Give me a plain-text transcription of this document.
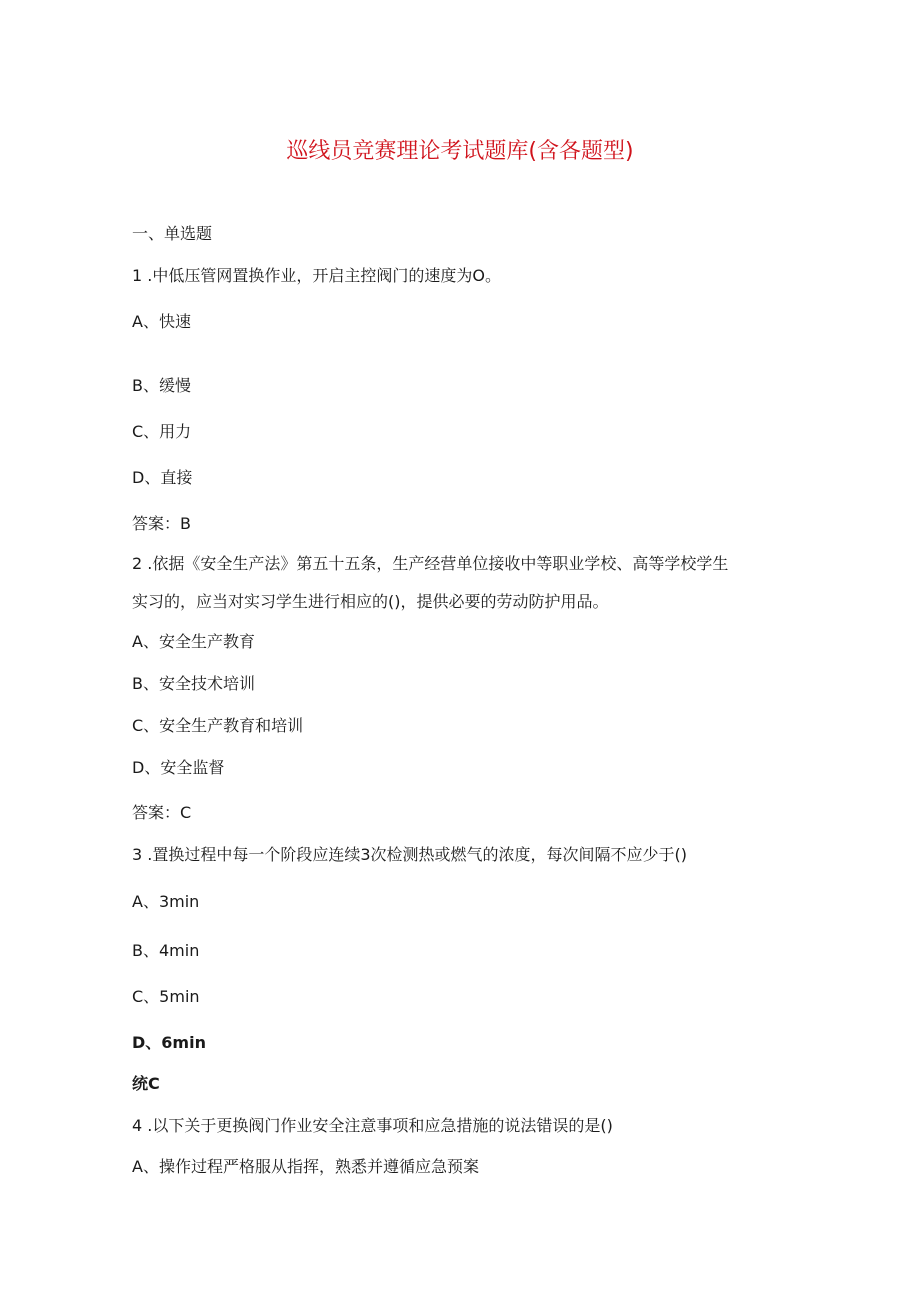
巡线员竞赛理论考试题库(含各题型)
一、单选题
1 .中低压管网置换作业，开启主控阀门的速度为O。
A、快速
B、缓慢
C、用力
D、直接
答案：B
2 .依据《安全生产法》第五十五条，生产经营单位接收中等职业学校、高等学校学生
实习的，应当对实习学生进行相应的()，提供必要的劳动防护用品。
A、安全生产教育
B、安全技术培训
C、安全生产教育和培训
D、安全监督
答案：C
3 .置换过程中每一个阶段应连续3次检测热或燃气的浓度，每次间隔不应少于()
A、3min
B、4min
C、5min
D、6min
统C
4 .以下关于更换阀门作业安全注意事项和应急措施的说法错误的是()
A、操作过程严格服从指挥，熟悉并遵循应急预案
